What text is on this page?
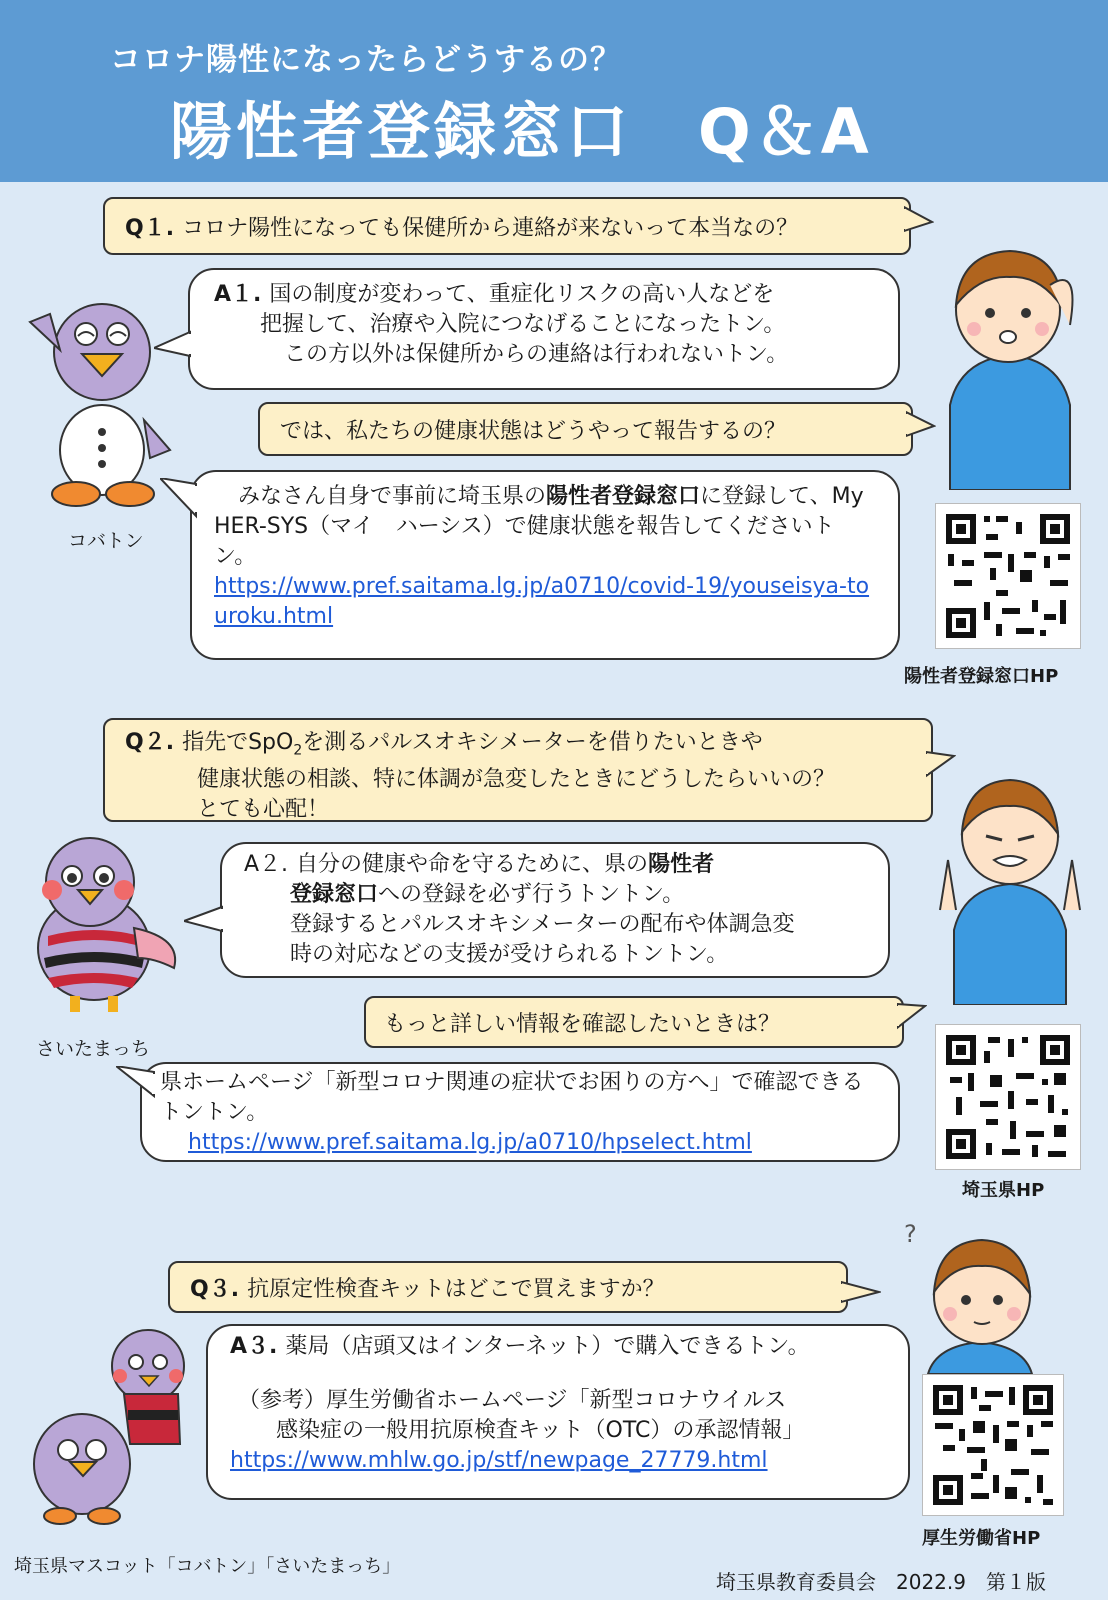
コロナ陽性になったらどうするの？
陽性者登録窓口　Q＆A
Q１. コロナ陽性になっても保健所から連絡が来ないって本当なの？
A１. 国の制度が変わって、重症化リスクの高い人などを
把握して、治療や入院につなげることになったトン。
この方以外は保健所からの連絡は行われないトン。
では、私たちの健康状態はどうやって報告するの？
みなさん自身で事前に埼玉県の陽性者登録窓口に登録して、My HER-SYS（マイ　ハーシス）で健康状態を報告してくださいトン。
https://www.pref.saitama.lg.jp/a0710/covid-19/youseisya-touroku.html
陽性者登録窓口HP
コバトン
Q２. 指先でSpO$_2$を測るパルスオキシメーターを借りたいときや
健康状態の相談、特に体調が急変したときにどうしたらいいの？
とても心配！
A２. 自分の健康や命を守るために、県の陽性者
登録窓口への登録を必ず行うトントン。
登録するとパルスオキシメーターの配布や体調急変
時の対応などの支援が受けられるトントン。
もっと詳しい情報を確認したいときは？
県ホームページ「新型コロナ関連の症状でお困りの方へ」で確認できるトントン。
https://www.pref.saitama.lg.jp/a0710/hpselect.html
埼玉県HP
さいたまっち
Q３. 抗原定性検査キットはどこで買えますか？
A３. 薬局（店頭又はインターネット）で購入できるトン。
（参考）厚生労働省ホームページ「新型コロナウイルス
感染症の一般用抗原検査キット（OTC）の承認情報」
https://www.mhlw.go.jp/stf/newpage_27779.html
厚生労働省HP
?
埼玉県マスコット「コバトン」「さいたまっち」
埼玉県教育委員会　2022.9　第１版
